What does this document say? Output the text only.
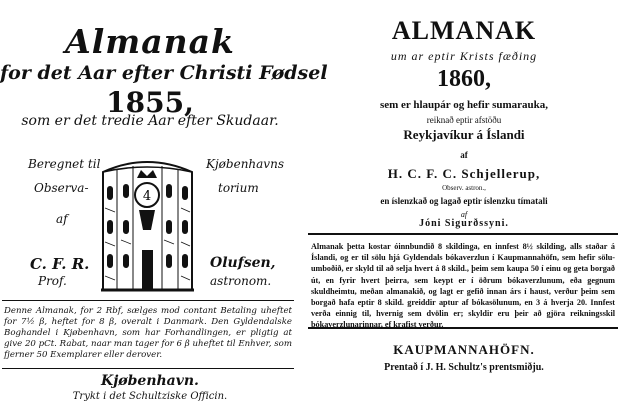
Almanak
for det Aar efter Christi Fødsel
1855,
som er det tredie Aar efter Skudaar.
Beregnet til
Observa-
af
Kjøbenhavns
torium
C. F. R.
Prof.
Olufsen,
astronom.
4

Denne Almanak, for 2 Rbf, sælges mod contant Betaling uheftet for 7½ β, heftet for 8 β, overalt i Danmark. Den Gyldendalske Boghandel i Kjøbenhavn, som har Forhandlingen, er pligtig at give 20 pCt. Rabat, naar man tager for 6 β uheftet til Enhver, som fjerner 50 Exemplarer eller derover.

Kjøbenhavn.
Trykt i det Schultziske Officin.
ALMANAK
um ar eptir Krists fæðing
1860,
sem er hlaupár og hefir sumarauka,
reiknað eptir afstöðu
Reykjavíkur á Íslandi
af
H. C. F. C. Schjellerup,
Observ. astron.,
en íslenzkað og lagað eptir íslenzku tímatali
af
Jóni Sigurðssyni.

Almanak þetta kostar óinnbundið 8 skildinga, en innfest 8½ skilding, alls staðar á Íslandi, og er til sölu hjá Gyldendals bókaverzlun í Kaupmannahöfn, sem hefir sölu-umboðið, er skyld til að selja hvert á 8 skild., þeim sem kaupa 50 í einu og geta borgað út, en fyrir hvert þeirra, sem keypt er í öðrum bókaverzlunum, eða gegnum skuldheimtu, meðan almanakið, og lagt er gefið innan árs í haust, verður þeim sem borgað hafa eptir 8 skild. greiddir aptur af bókasölunum, en 3 á hverja 20. Innfest verða einnig til, hvernig sem dvölin er; skyldir eru þeir að gjöra reikningsskil bókaverzlunarinnar, ef krafist verður.

KAUPMANNAHÖFN.
Prentað í J. H. Schultz's prentsmiðju.
